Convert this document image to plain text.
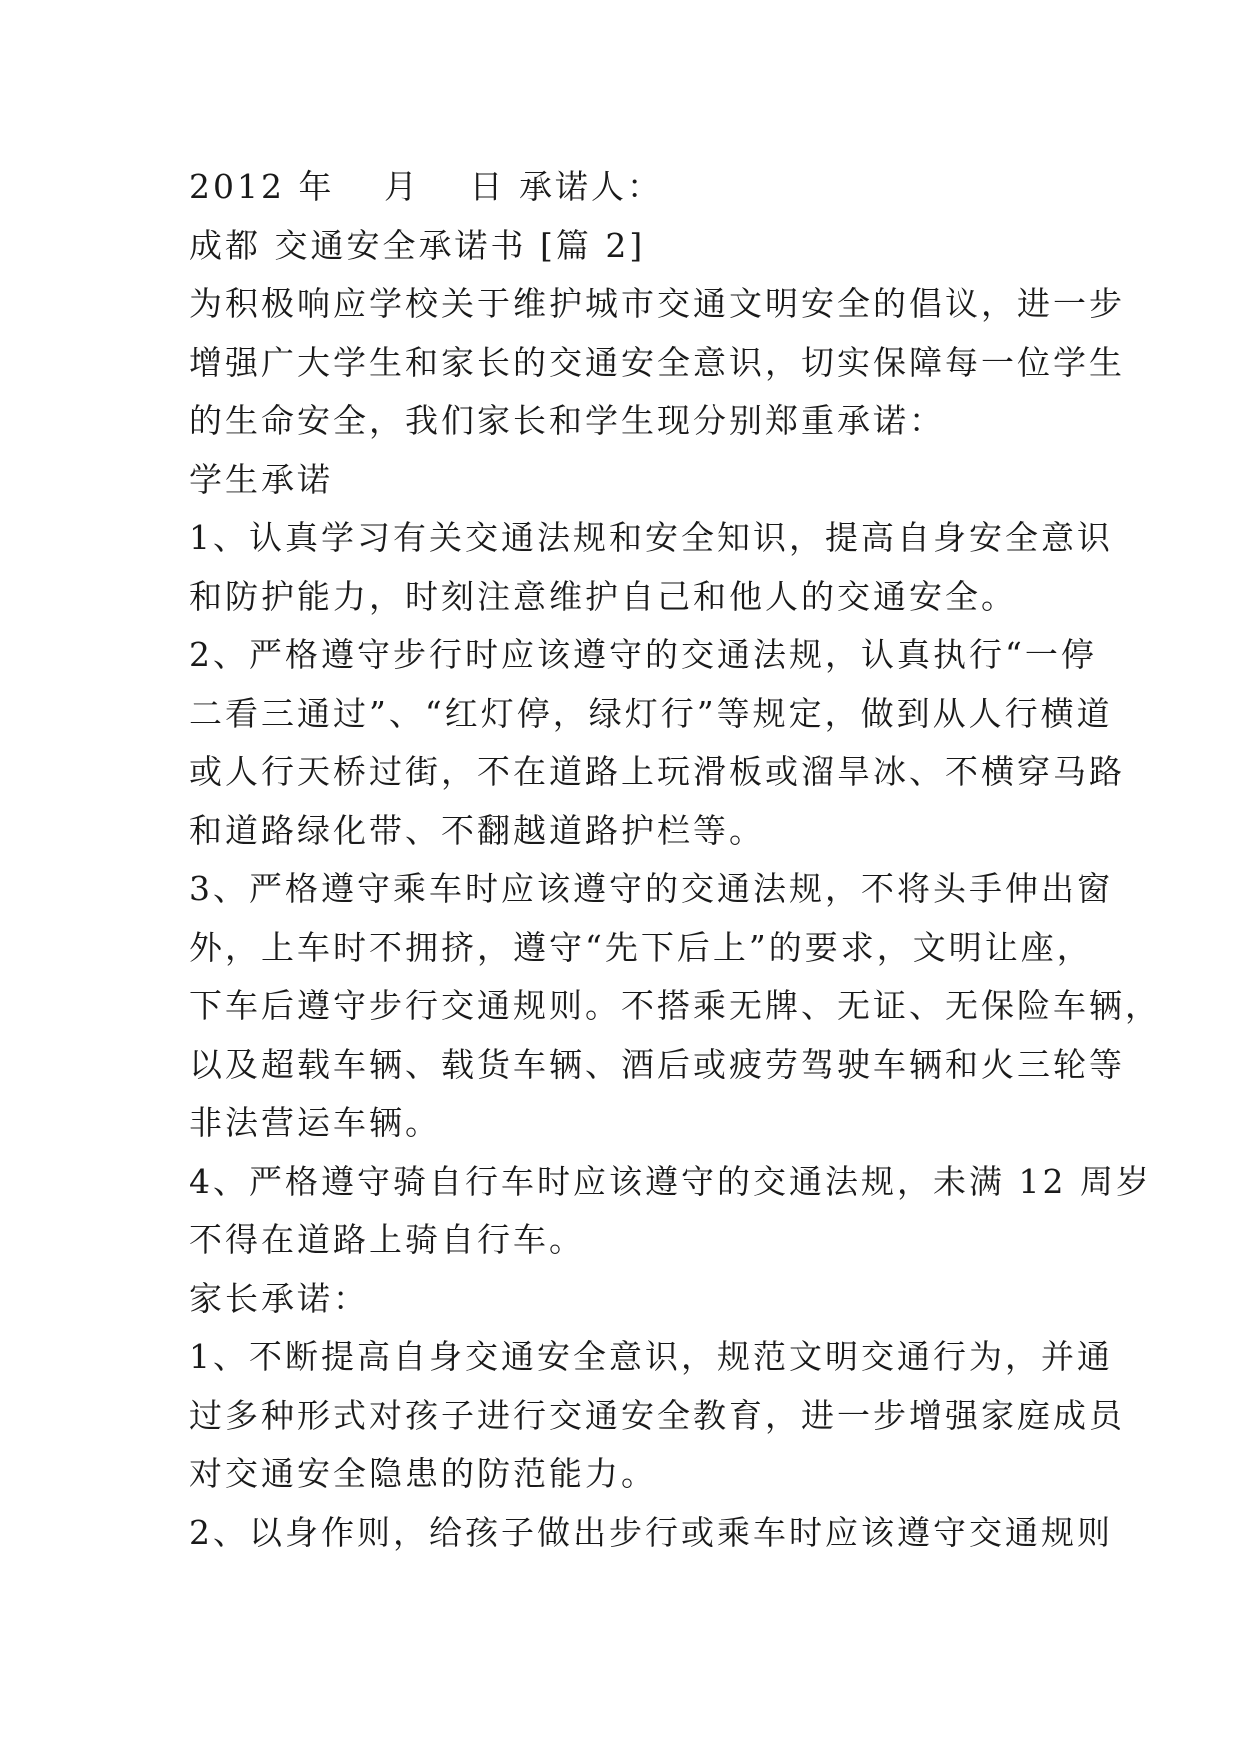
2012 年　 月　 日 承诺人：
成都 交通安全承诺书 [篇 2]
为积极响应学校关于维护城市交通文明安全的倡议，进一步
增强广大学生和家长的交通安全意识，切实保障每一位学生
的生命安全，我们家长和学生现分别郑重承诺：
学生承诺
1、认真学习有关交通法规和安全知识，提高自身安全意识
和防护能力，时刻注意维护自己和他人的交通安全。
2、严格遵守步行时应该遵守的交通法规，认真执行“一停
二看三通过”、“红灯停，绿灯行”等规定，做到从人行横道
或人行天桥过街，不在道路上玩滑板或溜旱冰、不横穿马路
和道路绿化带、不翻越道路护栏等。
3、严格遵守乘车时应该遵守的交通法规，不将头手伸出窗
外，上车时不拥挤，遵守“先下后上”的要求，文明让座，
下车后遵守步行交通规则。不搭乘无牌、无证、无保险车辆，
以及超载车辆、载货车辆、酒后或疲劳驾驶车辆和火三轮等
非法营运车辆。
4、严格遵守骑自行车时应该遵守的交通法规，未满 12 周岁
不得在道路上骑自行车。
家长承诺：
1、不断提高自身交通安全意识，规范文明交通行为，并通
过多种形式对孩子进行交通安全教育，进一步增强家庭成员
对交通安全隐患的防范能力。
2、以身作则，给孩子做出步行或乘车时应该遵守交通规则
